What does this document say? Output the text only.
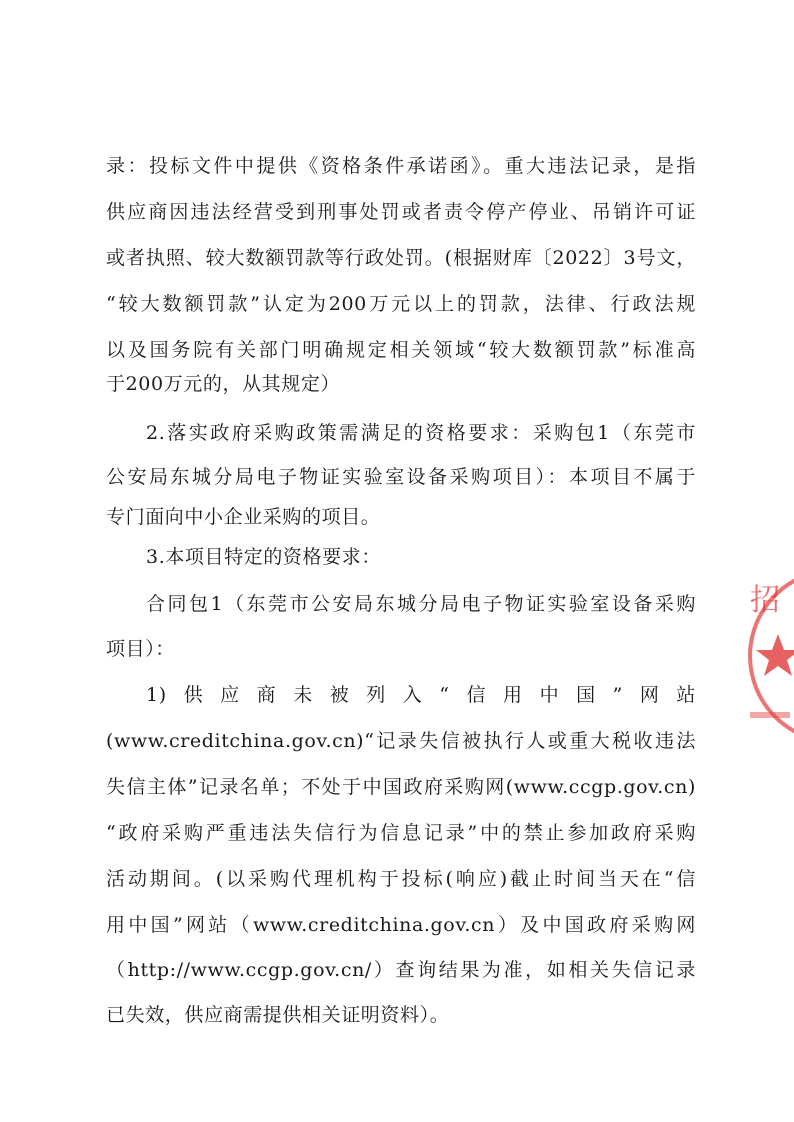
录：投标文件中提供《资格条件承诺函》。重大违法记录，是指
供应商因违法经营受到刑事处罚或者责令停产停业、吊销许可证
或者执照、较大数额罚款等行政处罚。(根据财库〔2022〕3号文，
“较大数额罚款”认定为200万元以上的罚款，法律、行政法规
以及国务院有关部门明确规定相关领域“较大数额罚款”标准高
于200万元的，从其规定）
2.落实政府采购政策需满足的资格要求：采购包1（东莞市
公安局东城分局电子物证实验室设备采购项目）：本项目不属于
专门面向中小企业采购的项目。
3.本项目特定的资格要求：
合同包1（东莞市公安局东城分局电子物证实验室设备采购
项目）：
1)供应商未被列入“信用中国”网站
(www.creditchina.gov.cn)“记录失信被执行人或重大税收违法
失信主体”记录名单；不处于中国政府采购网(www.ccgp.gov.cn)
“政府采购严重违法失信行为信息记录”中的禁止参加政府采购
活动期间。(以采购代理机构于投标(响应)截止时间当天在“信
用中国”网站（www.creditchina.gov.cn）及中国政府采购网
（http://www.ccgp.gov.cn/）查询结果为准，如相关失信记录
已失效，供应商需提供相关证明资料）。
招
